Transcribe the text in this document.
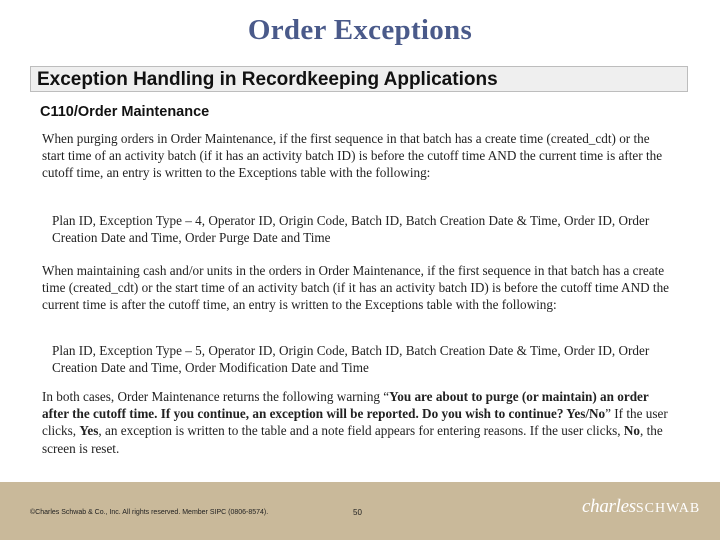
Order Exceptions
Exception Handling in Recordkeeping Applications
C110/Order Maintenance
When purging orders in Order Maintenance, if the first sequence in that batch has a create time (created_cdt) or the start time of an activity batch (if it has an activity batch ID) is before the cutoff time AND the current time is after the cutoff time, an entry is written to the Exceptions table with the following:
Plan ID, Exception Type – 4, Operator ID, Origin Code, Batch ID, Batch Creation Date & Time, Order ID, Order Creation Date and Time, Order Purge Date and Time
When maintaining cash and/or units in the orders in Order Maintenance, if the first sequence in that batch has a create time (created_cdt) or the start time of an activity batch (if it has an activity batch ID) is before the cutoff time AND the current time is after the cutoff time, an entry is written to the Exceptions table with the following:
Plan ID, Exception Type – 5, Operator ID, Origin Code, Batch ID, Batch Creation Date & Time, Order ID, Order Creation Date and Time, Order Modification Date and Time
In both cases, Order Maintenance returns the following warning “You are about to purge (or maintain) an order after the cutoff time. If you continue, an exception will be reported. Do you wish to continue? Yes/No” If the user clicks, Yes, an exception is written to the table and a note field appears for entering reasons. If the user clicks, No, the screen is reset.
©Charles Schwab & Co., Inc. All rights reserved. Member SIPC (0806-8574).	50	charlesSCHWAB
